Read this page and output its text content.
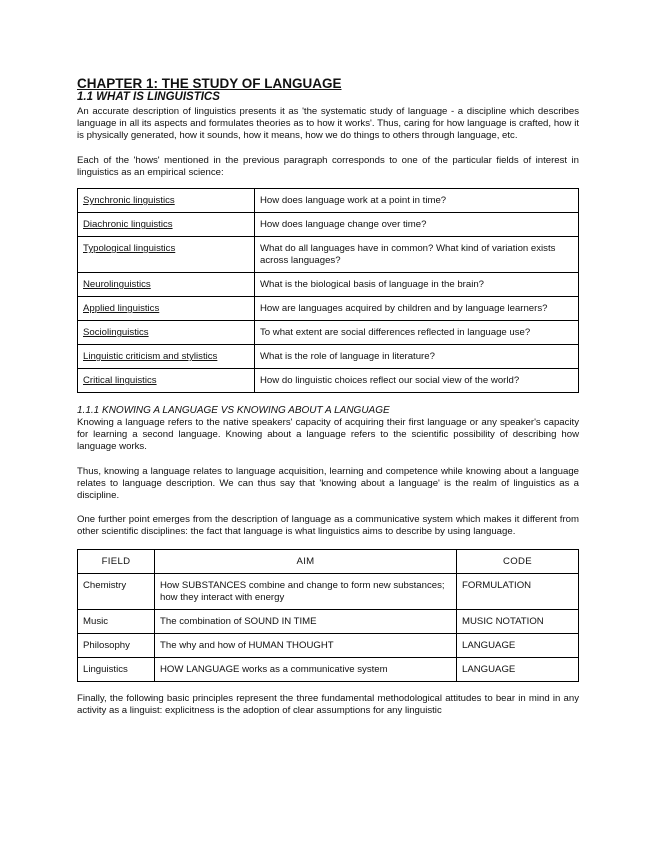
CHAPTER 1: THE STUDY OF LANGUAGE
1.1 WHAT IS LINGUISTICS

An accurate description of linguistics presents it as 'the systematic study of language - a discipline which describes language in all its aspects and formulates theories as to how it works'. Thus, caring for how language is crafted, how it is physically generated, how it sounds, how it means, how we do things to others through language, etc.

Each of the 'hows' mentioned in the previous paragraph corresponds to one of the particular fields of interest in linguistics as an empirical science:

Synchronic linguistics	How does language work at a point in time?
Diachronic linguistics	How does language change over time?
Typological linguistics	What do all languages have in common? What kind of variation exists across languages?
Neurolinguistics	What is the biological basis of language in the brain?
Applied linguistics	How are languages acquired by children and by language learners?
Sociolinguistics	To what extent are social differences reflected in language use?
Linguistic criticism and stylistics	What is the role of language in literature?
Critical linguistics	How do linguistic choices reflect our social view of the world?
1.1.1 KNOWING A LANGUAGE VS KNOWING ABOUT A LANGUAGE

Knowing a language refers to the native speakers' capacity of acquiring their first language or any speaker's capacity for learning a second language. Knowing about a language refers to the scientific possibility of describing how language works.

Thus, knowing a language relates to language acquisition, learning and competence while knowing about a language relates to language description. We can thus say that 'knowing about a language' is the realm of linguistics as a discipline.

One further point emerges from the description of language as a communicative system which makes it different from other scientific disciplines: the fact that language is what linguistics aims to describe by using language.

FIELD	AIM	CODE
Chemistry	How SUBSTANCES combine and change to form new substances; how they interact with energy	FORMULATION
Music	The combination of SOUND IN TIME	MUSIC NOTATION
Philosophy	The why and how of HUMAN THOUGHT	LANGUAGE
Linguistics	HOW LANGUAGE works as a communicative system	LANGUAGE

Finally, the following basic principles represent the three fundamental methodological attitudes to bear in mind in any activity as a linguist: explicitness is the adoption of clear assumptions for any linguistic
